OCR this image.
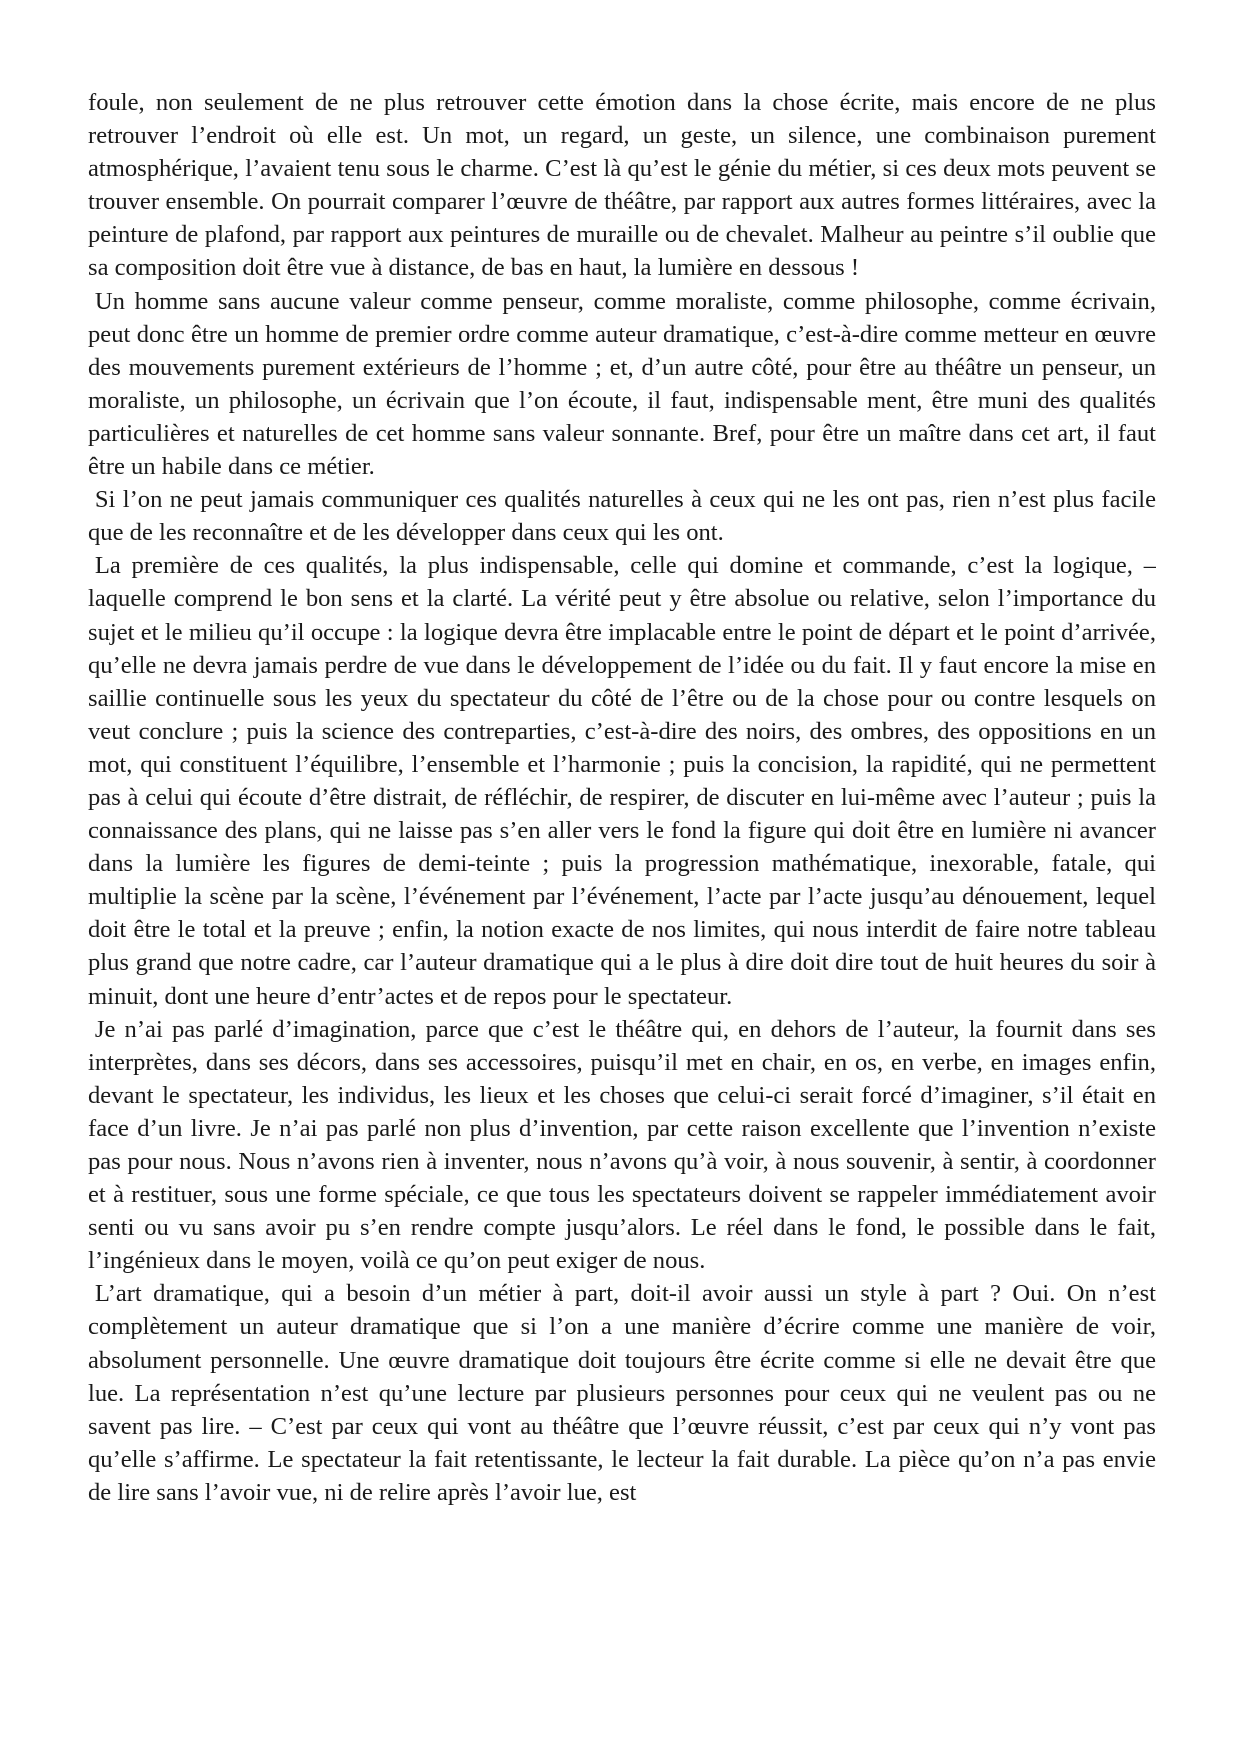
foule, non seulement de ne plus retrouver cette émotion dans la chose écrite, mais encore de ne plus retrouver l’endroit où elle est. Un mot, un regard, un geste, un silence, une combinaison purement atmosphérique, l’avaient tenu sous le charme. C’est là qu’est le génie du métier, si ces deux mots peuvent se trouver ensemble. On pourrait comparer l’œuvre de théâtre, par rapport aux autres formes littéraires, avec la peinture de plafond, par rapport aux peintures de muraille ou de chevalet. Malheur au peintre s’il oublie que sa composition doit être vue à distance, de bas en haut, la lumière en dessous !

Un homme sans aucune valeur comme penseur, comme moraliste, comme philosophe, comme écrivain, peut donc être un homme de premier ordre comme auteur dramatique, c’est-à-dire comme metteur en œuvre des mouvements purement extérieurs de l’homme ; et, d’un autre côté, pour être au théâtre un penseur, un moraliste, un philosophe, un écrivain que l’on écoute, il faut, indispensable ment, être muni des qualités particulières et naturelles de cet homme sans valeur sonnante. Bref, pour être un maître dans cet art, il faut être un habile dans ce métier.

Si l’on ne peut jamais communiquer ces qualités naturelles à ceux qui ne les ont pas, rien n’est plus facile que de les reconnaître et de les développer dans ceux qui les ont.

La première de ces qualités, la plus indispensable, celle qui domine et commande, c’est la logique, – laquelle comprend le bon sens et la clarté. La vérité peut y être absolue ou relative, selon l’importance du sujet et le milieu qu’il occupe : la logique devra être implacable entre le point de départ et le point d’arrivée, qu’elle ne devra jamais perdre de vue dans le développement de l’idée ou du fait. Il y faut encore la mise en saillie continuelle sous les yeux du spectateur du côté de l’être ou de la chose pour ou contre lesquels on veut conclure ; puis la science des contreparties, c’est-à-dire des noirs, des ombres, des oppositions en un mot, qui constituent l’équilibre, l’ensemble et l’harmonie ; puis la concision, la rapidité, qui ne permettent pas à celui qui écoute d’être distrait, de réfléchir, de respirer, de discuter en lui-même avec l’auteur ; puis la connaissance des plans, qui ne laisse pas s’en aller vers le fond la figure qui doit être en lumière ni avancer dans la lumière les figures de demi-teinte ; puis la progression mathématique, inexorable, fatale, qui multiplie la scène par la scène, l’événement par l’événement, l’acte par l’acte jusqu’au dénouement, lequel doit être le total et la preuve ; enfin, la notion exacte de nos limites, qui nous interdit de faire notre tableau plus grand que notre cadre, car l’auteur dramatique qui a le plus à dire doit dire tout de huit heures du soir à minuit, dont une heure d’entr’actes et de repos pour le spectateur.

Je n’ai pas parlé d’imagination, parce que c’est le théâtre qui, en dehors de l’auteur, la fournit dans ses interprètes, dans ses décors, dans ses accessoires, puisqu’il met en chair, en os, en verbe, en images enfin, devant le spectateur, les individus, les lieux et les choses que celui-ci serait forcé d’imaginer, s’il était en face d’un livre. Je n’ai pas parlé non plus d’invention, par cette raison excellente que l’invention n’existe pas pour nous. Nous n’avons rien à inventer, nous n’avons qu’à voir, à nous souvenir, à sentir, à coordonner et à restituer, sous une forme spéciale, ce que tous les spectateurs doivent se rappeler immédiatement avoir senti ou vu sans avoir pu s’en rendre compte jusqu’alors. Le réel dans le fond, le possible dans le fait, l’ingénieux dans le moyen, voilà ce qu’on peut exiger de nous.

L’art dramatique, qui a besoin d’un métier à part, doit-il avoir aussi un style à part ? Oui. On n’est complètement un auteur dramatique que si l’on a une manière d’écrire comme une manière de voir, absolument personnelle. Une œuvre dramatique doit toujours être écrite comme si elle ne devait être que lue. La représentation n’est qu’une lecture par plusieurs personnes pour ceux qui ne veulent pas ou ne savent pas lire. – C’est par ceux qui vont au théâtre que l’œuvre réussit, c’est par ceux qui n’y vont pas qu’elle s’affirme. Le spectateur la fait retentissante, le lecteur la fait durable. La pièce qu’on n’a pas envie de lire sans l’avoir vue, ni de relire après l’avoir lue, est
